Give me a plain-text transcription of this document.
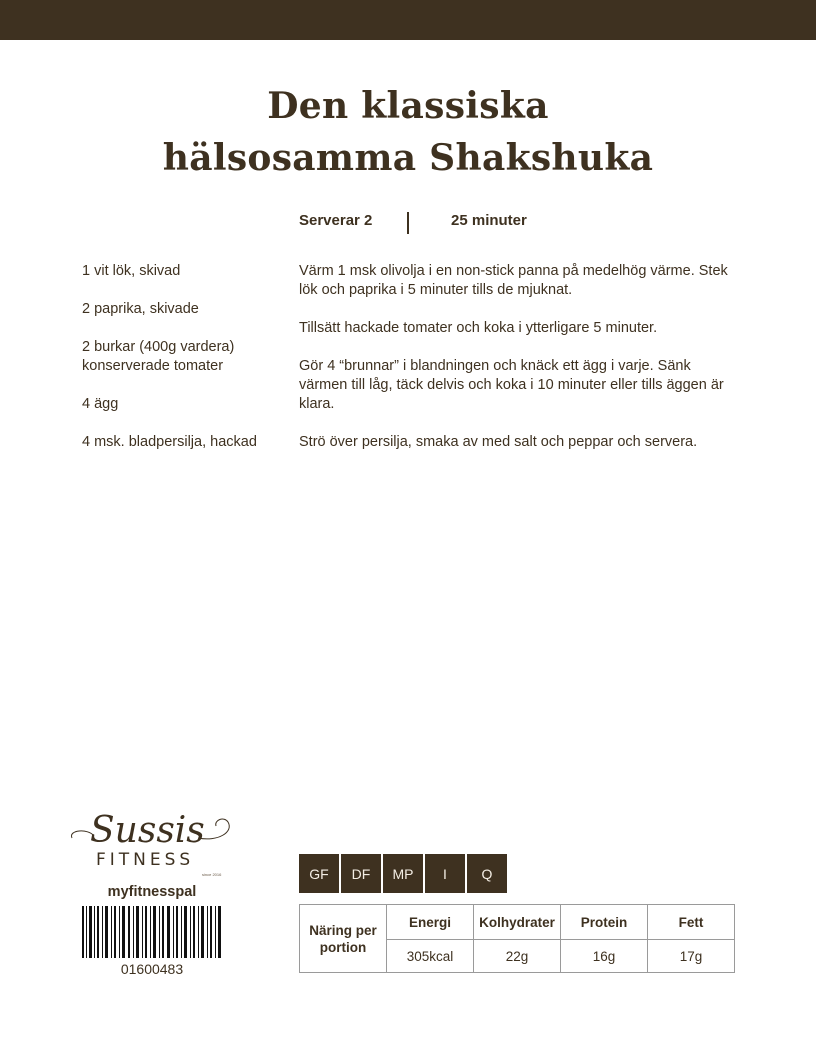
Den klassiska
hälsosamma Shakshuka
Serverar 2	25 minuter
1 vit lök, skivad
2 paprika, skivade
2 burkar (400g vardera) konserverade tomater
4 ägg
4 msk. bladpersilja, hackad
Värm 1 msk olivolja i en non-stick panna på medelhög värme. Stek lök och paprika i 5 minuter tills de mjuknat.
Tillsätt hackade tomater och koka i ytterligare 5 minuter.
Gör 4 “brunnar” i blandningen och knäck ett ägg i varje. Sänk värmen till låg, täck delvis och koka i 10 minuter eller tills äggen är klara.
Strö över persilja, smaka av med salt och peppar och servera.
Sussis
FITNESS
since 2016
myfitnesspal
01600483
GF	DF	MP	I	Q
Näring per portion	Energi	Kolhydrater	Protein	Fett
	305kcal	22g	16g	17g
